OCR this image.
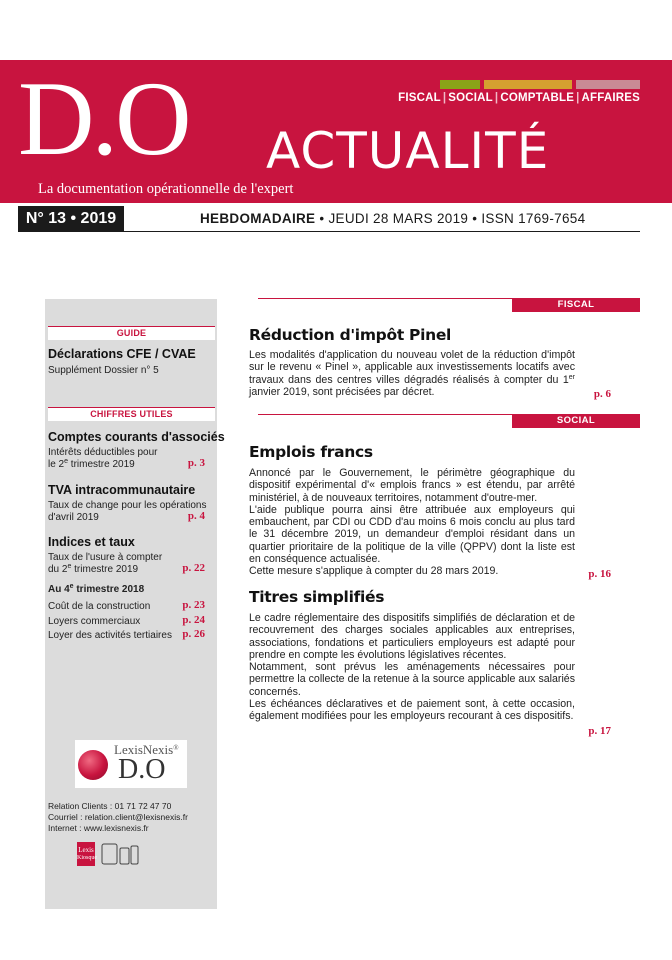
D.O ACTUALITÉ
FISCAL | SOCIAL | COMPTABLE | AFFAIRES
La documentation opérationnelle de l'expert
N° 13 • 2019	HEBDOMADAIRE • JEUDI 28 MARS 2019 • ISSN 1769-7654
GUIDE
Déclarations CFE / CVAE
Supplément Dossier n° 5
CHIFFRES UTILES
Comptes courants d'associés
Intérêts déductibles pour
le 2e trimestre 2019	p. 3
TVA intracommunautaire
Taux de change pour les opérations
d'avril 2019	p. 4
Indices et taux
Taux de l'usure à compter
du 2e trimestre 2019	p. 22
Au 4e trimestre 2018
Coût de la construction	p. 23
Loyers commerciaux	p. 24
Loyer des activités tertiaires p. 26
LexisNexis®
D.O
Relation Clients : 01 71 72 47 70
Courriel : relation.client@lexisnexis.fr
Internet : www.lexisnexis.fr
Lexis
Kiosque
FISCAL
Réduction d'impôt Pinel

Les modalités d'application du nouveau volet de la réduction d'impôt sur le revenu « Pinel », applicable aux investissements locatifs avec travaux dans des centres villes dégradés réalisés à compter du 1er janvier 2019, sont précisées par décret.	p. 6
SOCIAL
Emplois francs

Annoncé par le Gouvernement, le périmètre géographique du dispositif expérimental d'« emplois francs » est étendu, par arrêté ministériel, à de nouveaux territoires, notamment d'outre-mer.

L'aide publique pourra ainsi être attribuée aux employeurs qui embauchent, par CDI ou CDD d'au moins 6 mois conclu au plus tard le 31 décembre 2019, un demandeur d'emploi résidant dans un quartier prioritaire de la politique de la ville (QPPV) dont la liste est en conséquence actualisée.

Cette mesure s'applique à compter du 28 mars 2019.	p. 16
Titres simplifiés

Le cadre réglementaire des dispositifs simplifiés de déclaration et de recouvrement des charges sociales applicables aux entreprises, associations, fondations et particuliers employeurs est adapté pour prendre en compte les évolutions législatives récentes.

Notamment, sont prévus les aménagements nécessaires pour permettre la collecte de la retenue à la source applicable aux salariés concernés.

Les échéances déclaratives et de paiement sont, à cette occasion, également modifiées pour les employeurs recourant à ces dispositifs.

p. 17
